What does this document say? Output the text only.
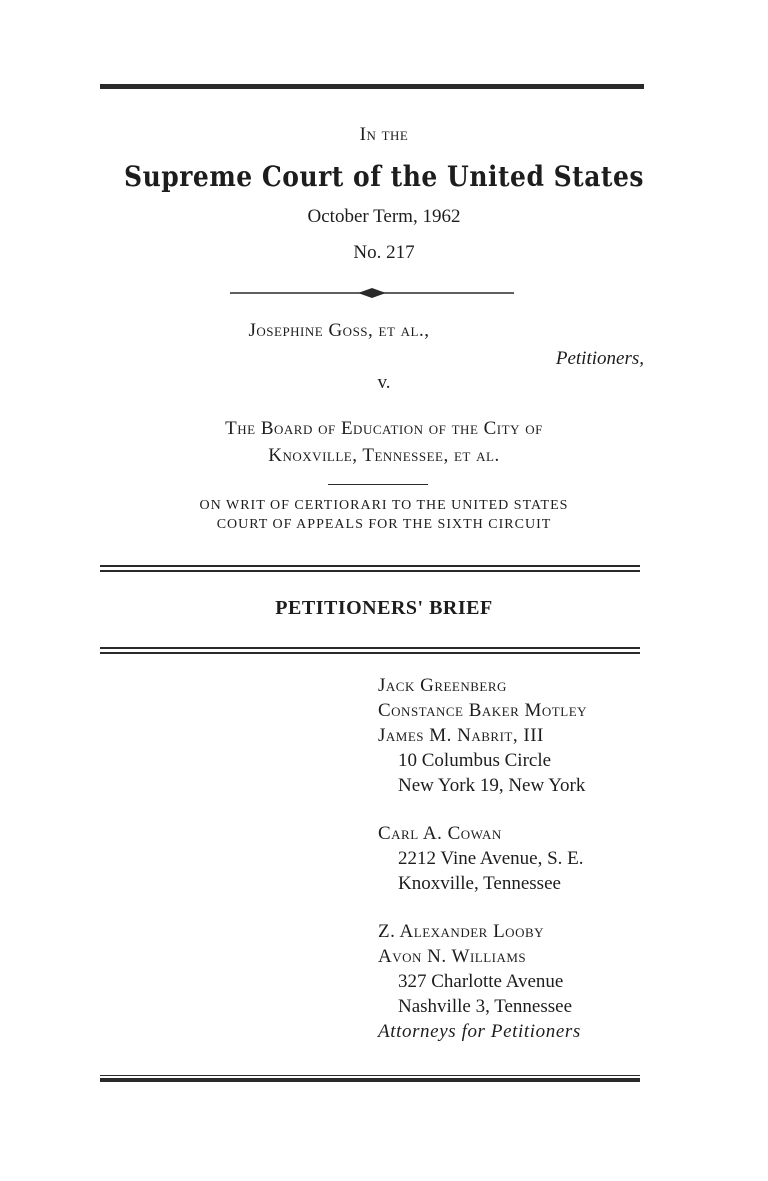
In the
Supreme Court of the United States
October Term, 1962
No. 217
Josephine Goss, et al.,
Petitioners,
v.
The Board of Education of the City of
Knoxville, Tennessee, et al.
ON WRIT OF CERTIORARI TO THE UNITED STATES
COURT OF APPEALS FOR THE SIXTH CIRCUIT
PETITIONERS' BRIEF
Jack Greenberg
Constance Baker Motley
James M. Nabrit, III
10 Columbus Circle
New York 19, New York
Carl A. Cowan
2212 Vine Avenue, S. E.
Knoxville, Tennessee
Z. Alexander Looby
Avon N. Williams
327 Charlotte Avenue
Nashville 3, Tennessee
Attorneys for Petitioners
